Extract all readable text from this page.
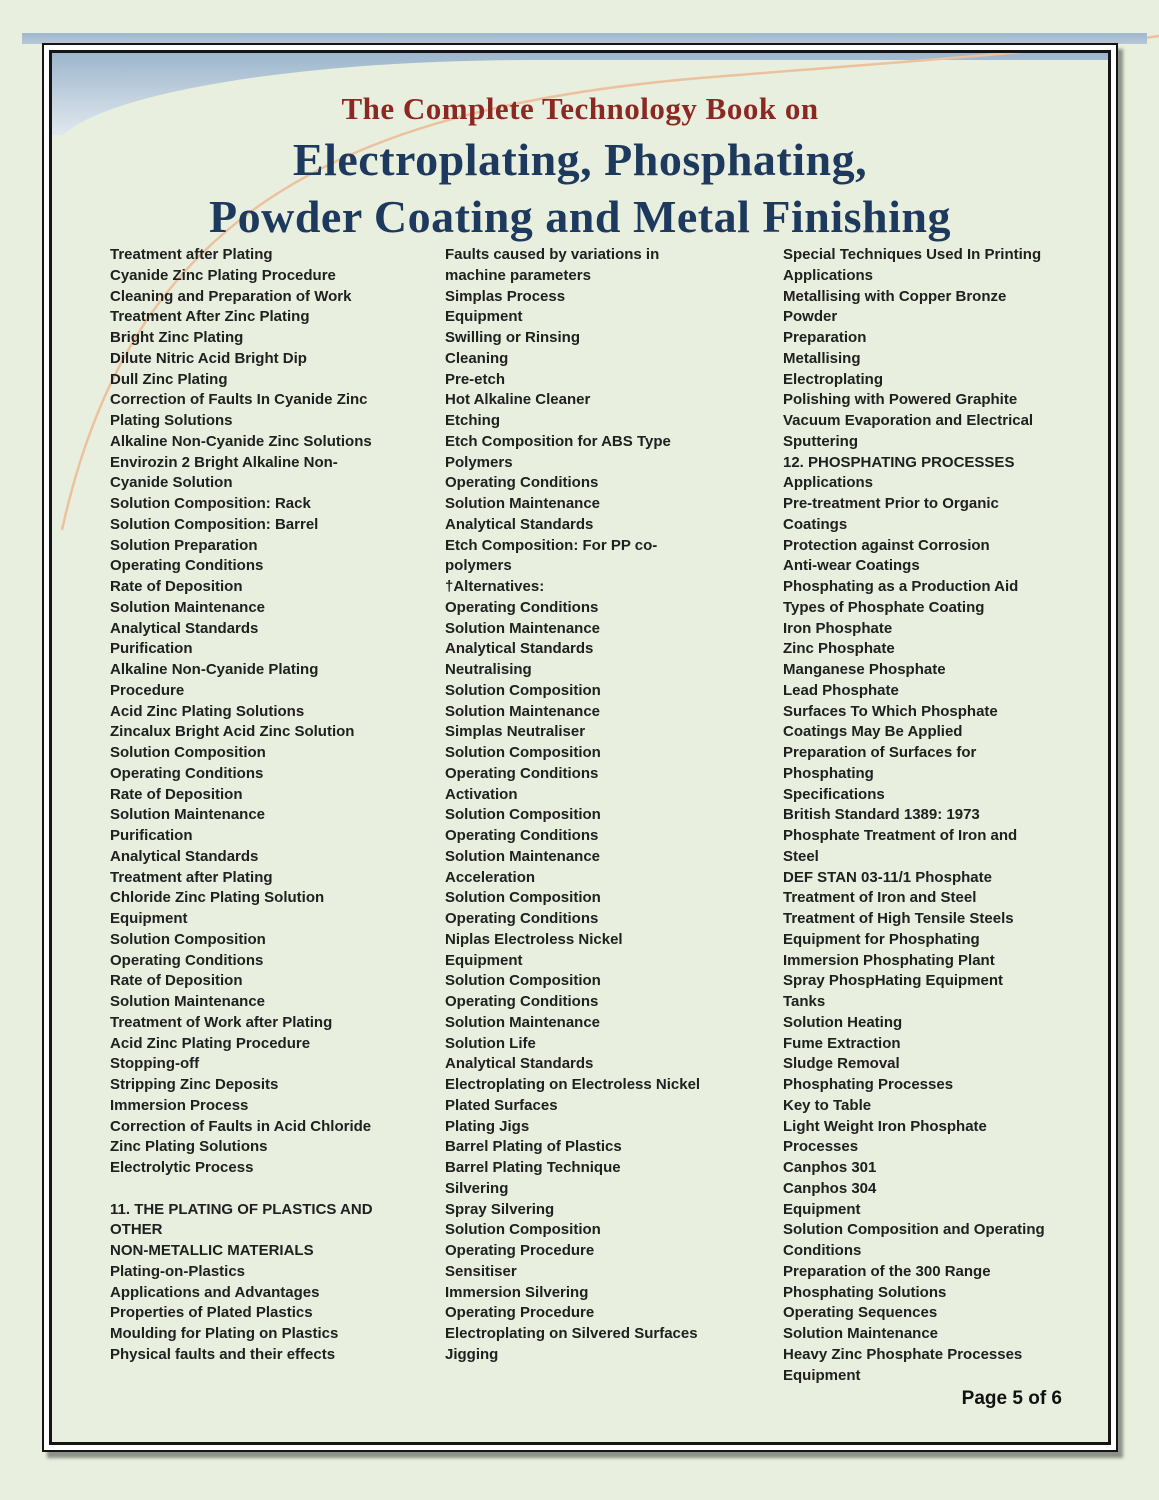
The Complete Technology Book on
Electroplating, Phosphating,
Powder Coating and Metal Finishing
Treatment after Plating
Cyanide Zinc Plating Procedure
Cleaning and Preparation of Work
Treatment After Zinc Plating
Bright Zinc Plating
Dilute Nitric Acid Bright Dip
Dull Zinc Plating
Correction of Faults In Cyanide Zinc
Plating Solutions
Alkaline Non-Cyanide Zinc Solutions
Envirozin 2 Bright Alkaline Non-
Cyanide Solution
Solution Composition: Rack
Solution Composition: Barrel
Solution Preparation
Operating Conditions
Rate of Deposition
Solution Maintenance
Analytical Standards
Purification
Alkaline Non-Cyanide Plating
Procedure
Acid Zinc Plating Solutions
Zincalux Bright Acid Zinc Solution
Solution Composition
Operating Conditions
Rate of Deposition
Solution Maintenance
Purification
Analytical Standards
Treatment after Plating
Chloride Zinc Plating Solution
Equipment
Solution Composition
Operating Conditions
Rate of Deposition
Solution Maintenance
Treatment of Work after Plating
Acid Zinc Plating Procedure
Stopping-off
Stripping Zinc Deposits
Immersion Process
Correction of Faults in Acid Chloride
Zinc Plating Solutions
Electrolytic Process
11. THE PLATING OF PLASTICS AND
OTHER
NON-METALLIC MATERIALS
Plating-on-Plastics
Applications and Advantages
Properties of Plated Plastics
Moulding for Plating on Plastics
Physical faults and their effects
Faults caused by variations in
machine parameters
Simplas Process
Equipment
Swilling or Rinsing
Cleaning
Pre-etch
Hot Alkaline Cleaner
Etching
Etch Composition for ABS Type
Polymers
Operating Conditions
Solution Maintenance
Analytical Standards
Etch Composition: For PP co-
polymers
†Alternatives:
Operating Conditions
Solution Maintenance
Analytical Standards
Neutralising
Solution Composition
Solution Maintenance
Simplas Neutraliser
Solution Composition
Operating Conditions
Activation
Solution Composition
Operating Conditions
Solution Maintenance
Acceleration
Solution Composition
Operating Conditions
Niplas Electroless Nickel
Equipment
Solution Composition
Operating Conditions
Solution Maintenance
Solution Life
Analytical Standards
Electroplating on Electroless Nickel
Plated Surfaces
Plating Jigs
Barrel Plating of Plastics
Barrel Plating Technique
Silvering
Spray Silvering
Solution Composition
Operating Procedure
Sensitiser
Immersion Silvering
Operating Procedure
Electroplating on Silvered Surfaces
Jigging
Special Techniques Used In Printing
Applications
Metallising with Copper Bronze
Powder
Preparation
Metallising
Electroplating
Polishing with Powered Graphite
Vacuum Evaporation and Electrical
Sputtering
12. PHOSPHATING PROCESSES
Applications
Pre-treatment Prior to Organic
Coatings
Protection against Corrosion
Anti-wear Coatings
Phosphating as a Production Aid
Types of Phosphate Coating
Iron Phosphate
Zinc Phosphate
Manganese Phosphate
Lead Phosphate
Surfaces To Which Phosphate
Coatings May Be Applied
Preparation of Surfaces for
Phosphating
Specifications
British Standard 1389: 1973
Phosphate Treatment of Iron and
Steel
DEF STAN 03-11/1 Phosphate
Treatment of Iron and Steel
Treatment of High Tensile Steels
Equipment for Phosphating
Immersion Phosphating Plant
Spray PhospHating Equipment
Tanks
Solution Heating
Fume Extraction
Sludge Removal
Phosphating Processes
Key to Table
Light Weight Iron Phosphate
Processes
Canphos 301
Canphos 304
Equipment
Solution Composition and Operating
Conditions
Preparation of the 300 Range
Phosphating Solutions
Operating Sequences
Solution Maintenance
Heavy Zinc Phosphate Processes
Equipment
Page 5 of 6
